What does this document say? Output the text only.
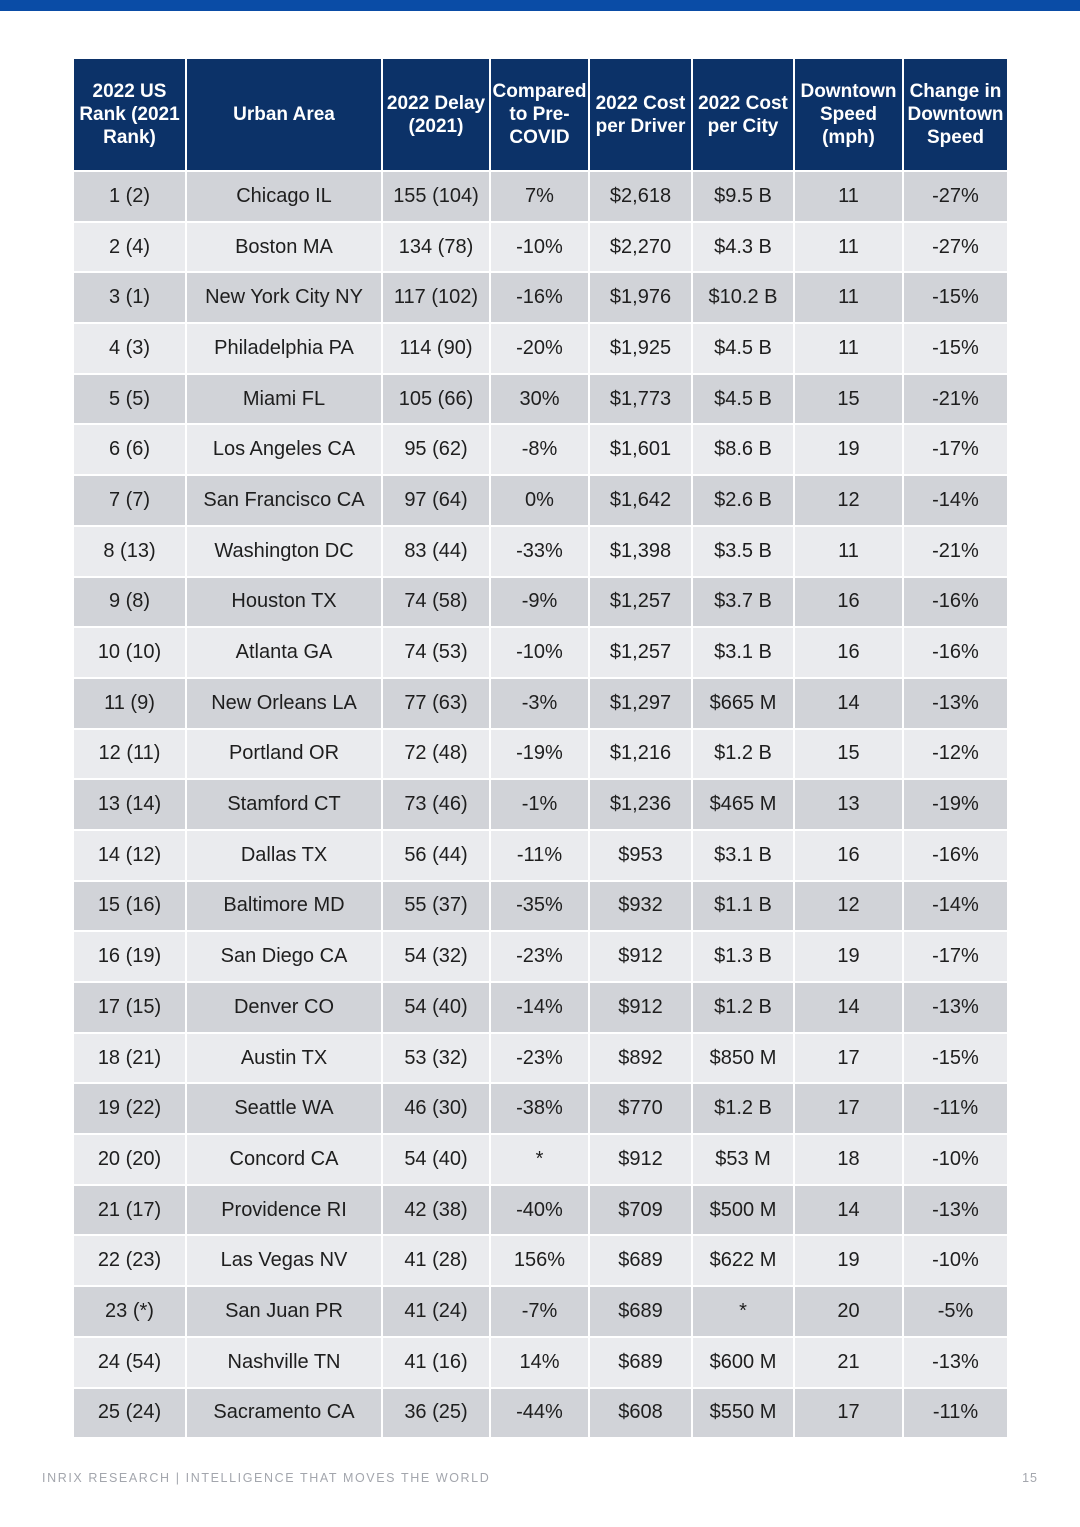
2022 US Rank (2021 Rank)	Urban Area	2022 Delay (2021)	Compared to Pre-COVID	2022 Cost per Driver	2022 Cost per City	Downtown Speed (mph)	Change in Downtown Speed
1 (2)	Chicago IL	155 (104)	7%	$2,618	$9.5 B	11	-27%
2 (4)	Boston MA	134 (78)	-10%	$2,270	$4.3 B	11	-27%
3 (1)	New York City NY	117 (102)	-16%	$1,976	$10.2 B	11	-15%
4 (3)	Philadelphia PA	114 (90)	-20%	$1,925	$4.5 B	11	-15%
5 (5)	Miami FL	105 (66)	30%	$1,773	$4.5 B	15	-21%
6 (6)	Los Angeles CA	95 (62)	-8%	$1,601	$8.6 B	19	-17%
7 (7)	San Francisco CA	97 (64)	0%	$1,642	$2.6 B	12	-14%
8 (13)	Washington DC	83 (44)	-33%	$1,398	$3.5 B	11	-21%
9 (8)	Houston TX	74 (58)	-9%	$1,257	$3.7 B	16	-16%
10 (10)	Atlanta GA	74 (53)	-10%	$1,257	$3.1 B	16	-16%
11 (9)	New Orleans LA	77 (63)	-3%	$1,297	$665 M	14	-13%
12 (11)	Portland OR	72 (48)	-19%	$1,216	$1.2 B	15	-12%
13 (14)	Stamford CT	73 (46)	-1%	$1,236	$465 M	13	-19%
14 (12)	Dallas TX	56 (44)	-11%	$953	$3.1 B	16	-16%
15 (16)	Baltimore MD	55 (37)	-35%	$932	$1.1 B	12	-14%
16 (19)	San Diego CA	54 (32)	-23%	$912	$1.3 B	19	-17%
17 (15)	Denver CO	54 (40)	-14%	$912	$1.2 B	14	-13%
18 (21)	Austin TX	53 (32)	-23%	$892	$850 M	17	-15%
19 (22)	Seattle WA	46 (30)	-38%	$770	$1.2 B	17	-11%
20 (20)	Concord CA	54 (40)	*	$912	$53 M	18	-10%
21 (17)	Providence RI	42 (38)	-40%	$709	$500 M	14	-13%
22 (23)	Las Vegas NV	41 (28)	156%	$689	$622 M	19	-10%
23 (*)	San Juan PR	41 (24)	-7%	$689	*	20	-5%
24 (54)	Nashville TN	41 (16)	14%	$689	$600 M	21	-13%
25 (24)	Sacramento CA	36 (25)	-44%	$608	$550 M	17	-11%
INRIX RESEARCH | INTELLIGENCE THAT MOVES THE WORLD	15
